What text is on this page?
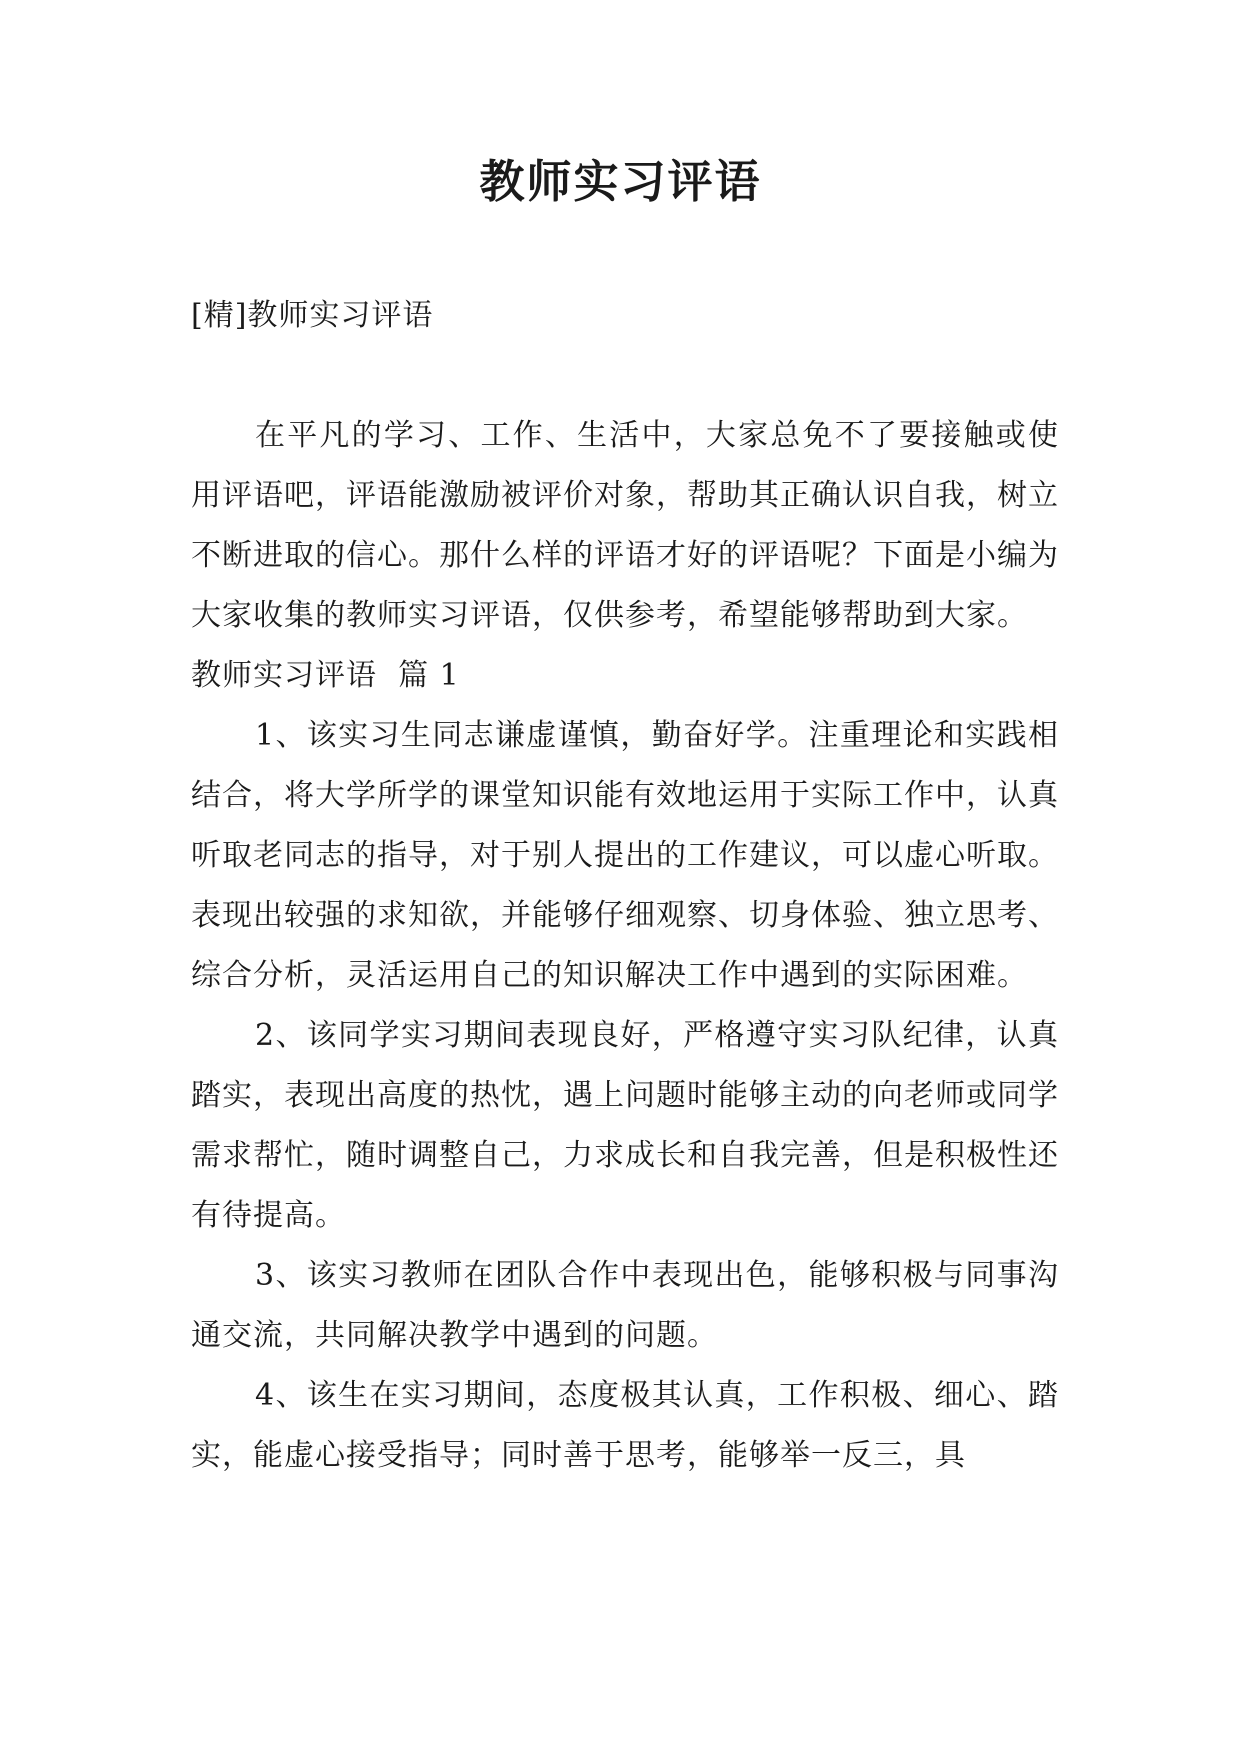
教师实习评语

[精]教师实习评语

在平凡的学习、工作、生活中，大家总免不了要接触或使用评语吧，评语能激励被评价对象，帮助其正确认识自我，树立不断进取的信心。那什么样的评语才好的评语呢？下面是小编为大家收集的教师实习评语，仅供参考，希望能够帮助到大家。

教师实习评语  篇 1

1、该实习生同志谦虚谨慎，勤奋好学。注重理论和实践相结合，将大学所学的课堂知识能有效地运用于实际工作中，认真听取老同志的指导，对于别人提出的工作建议，可以虚心听取。表现出较强的求知欲，并能够仔细观察、切身体验、独立思考、综合分析，灵活运用自己的知识解决工作中遇到的实际困难。

2、该同学实习期间表现良好，严格遵守实习队纪律，认真踏实，表现出高度的热忱，遇上问题时能够主动的向老师或同学需求帮忙，随时调整自己，力求成长和自我完善，但是积极性还有待提高。

3、该实习教师在团队合作中表现出色，能够积极与同事沟通交流，共同解决教学中遇到的问题。

4、该生在实习期间，态度极其认真，工作积极、细心、踏实，能虚心接受指导；同时善于思考，能够举一反三，具
